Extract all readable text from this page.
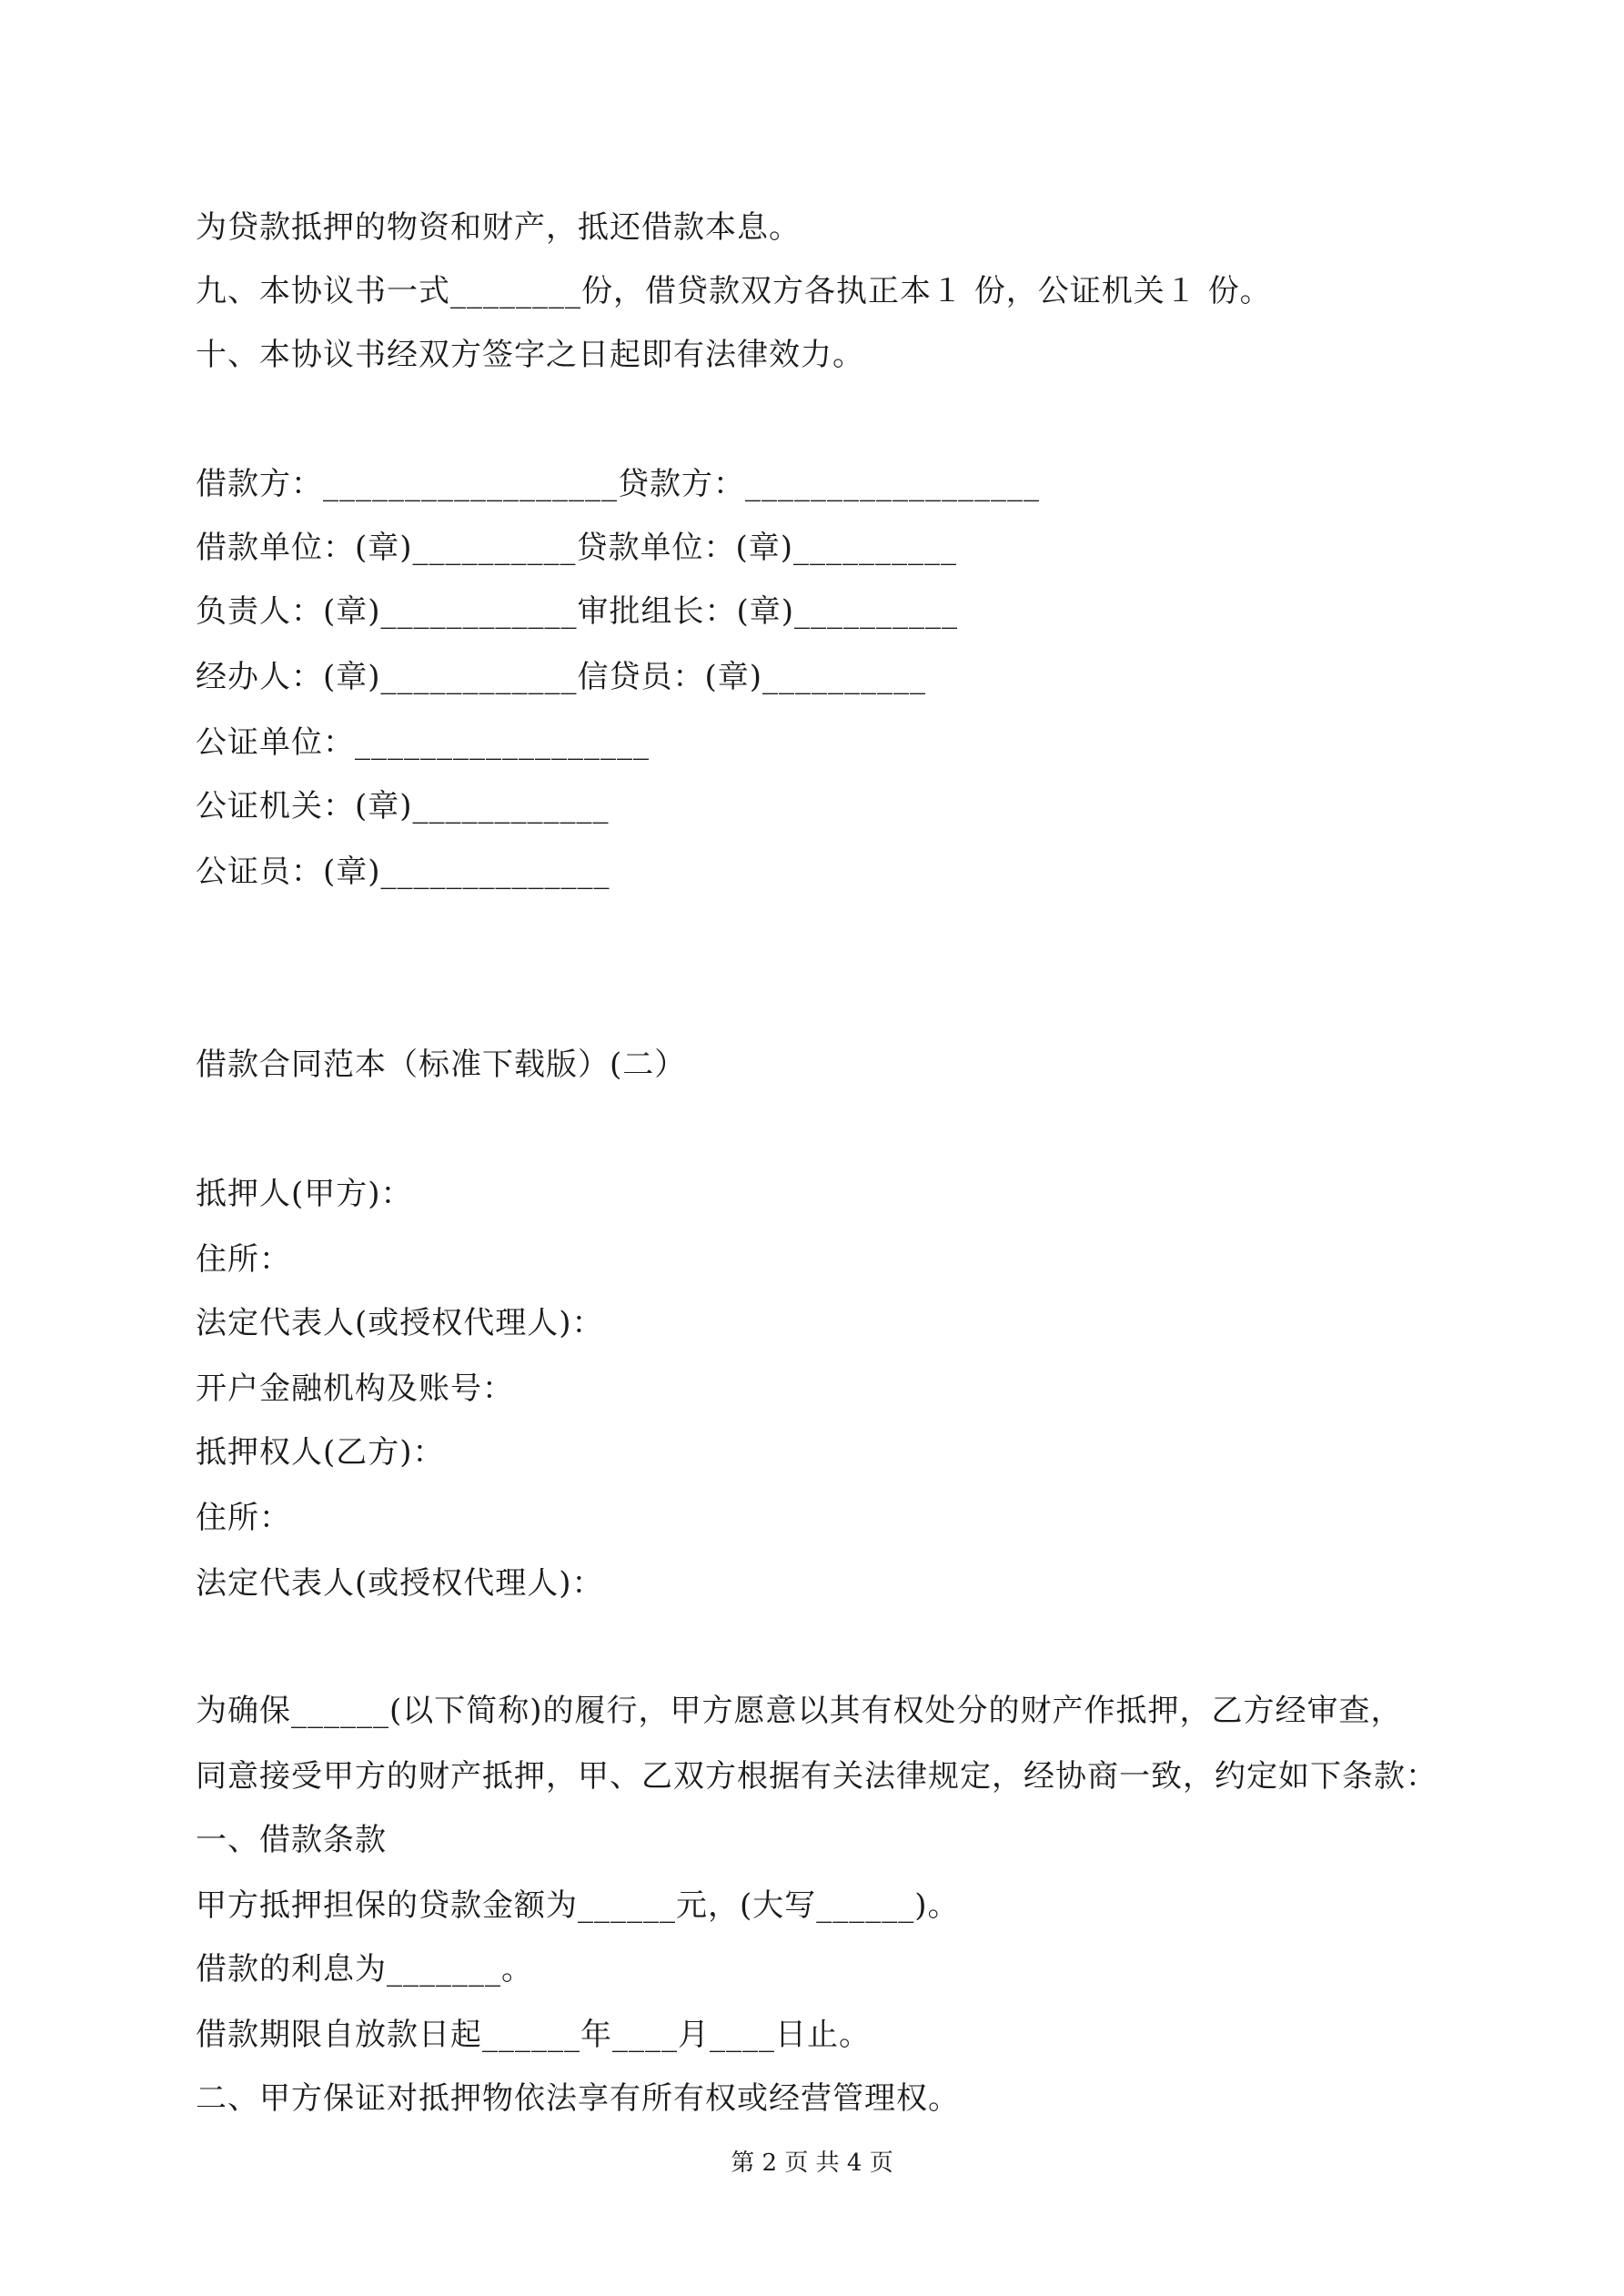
为贷款抵押的物资和财产，抵还借款本息。
九、本协议书一式________份，借贷款双方各执正本１ 份，公证机关１ 份。
十、本协议书经双方签字之日起即有法律效力。
借款方：__________________贷款方：__________________
借款单位：(章)__________贷款单位：(章)__________
负责人：(章)____________审批组长：(章)__________
经办人：(章)____________信贷员：(章)__________
公证单位：__________________
公证机关：(章)____________
公证员：(章)______________
借款合同范本（标准下载版）(二）
抵押人(甲方)：
住所：
法定代表人(或授权代理人)：
开户金融机构及账号：
抵押权人(乙方)：
住所：
法定代表人(或授权代理人)：
为确保______(以下简称)的履行，甲方愿意以其有权处分的财产作抵押，乙方经审查，
同意接受甲方的财产抵押，甲、乙双方根据有关法律规定，经协商一致，约定如下条款：
一、借款条款
甲方抵押担保的贷款金额为______元，(大写______)。
借款的利息为_______。
借款期限自放款日起______年____月____日止。
二、甲方保证对抵押物依法享有所有权或经营管理权。
第 2 页 共 4 页
